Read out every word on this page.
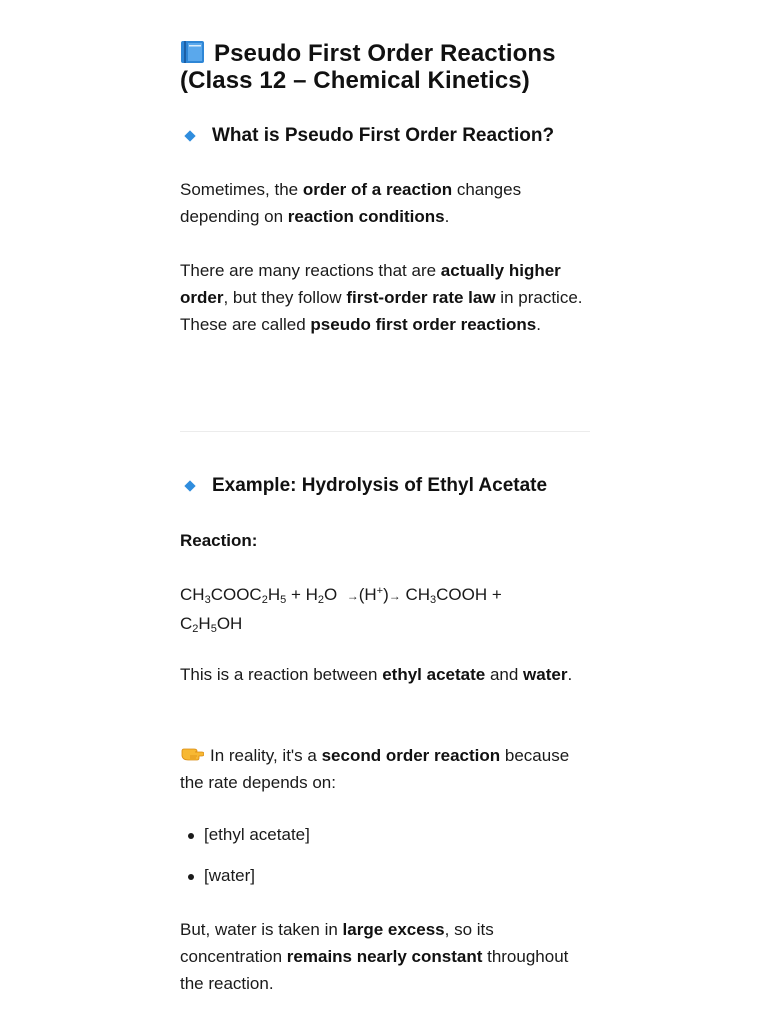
Pseudo First Order Reactions
(Class 12 – Chemical Kinetics)
What is Pseudo First Order Reaction?

Sometimes, the order of a reaction changes depending on reaction conditions.

There are many reactions that are actually higher order, but they follow first-order rate law in practice.

These are called pseudo first order reactions.

Example: Hydrolysis of Ethyl Acetate

Reaction:

$CH_3COOC_2H_5 + H_2O \to(H^+)\to$ $CH_3COOH$ +
$C_2H_5OH$

This is a reaction between ethyl acetate and water.

In reality, it's a second order reaction because the rate depends on:

[ethyl acetate]
[water]

But, water is taken in large excess, so its concentration remains nearly constant throughout the reaction.
